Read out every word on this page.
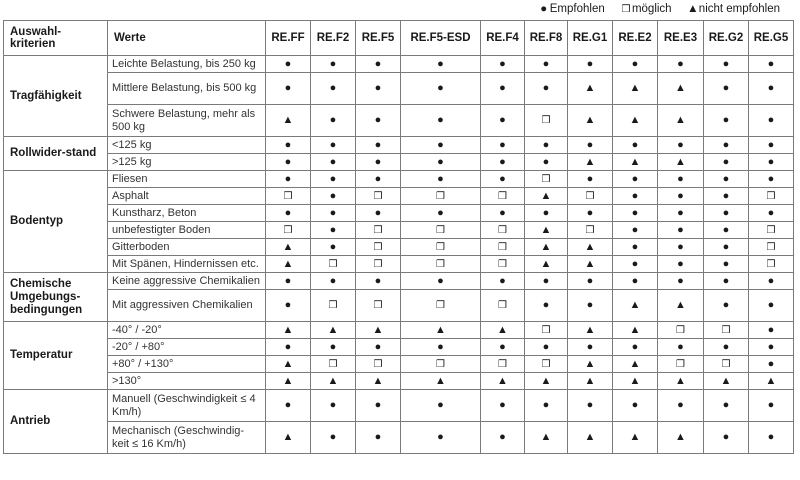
● Empfohlen ❒ möglich ▲nicht empfohlen
Auswahl-kriterien	Werte	RE.FF	RE.F2	RE.F5	RE.F5-ESD	RE.F4	RE.F8	RE.G1	RE.E2	RE.E3	RE.G2	RE.G5
Tragfähigkeit	Leichte Belastung, bis 250 kg	●	●	●	●	●	●	●	●	●	●	●
	Mittlere Belastung, bis 500 kg	●	●	●	●	●	●	▲	▲	▲	●	●
	Schwere Belastung, mehr als 500 kg	▲	●	●	●	●	❒	▲	▲	▲	●	●
Rollwider-stand	<125 kg	●	●	●	●	●	●	●	●	●	●	●
	>125 kg	●	●	●	●	●	●	▲	▲	▲	●	●
Bodentyp	Fliesen	●	●	●	●	●	❒	●	●	●	●	●
	Asphalt	❒	●	❒	❒	❒	▲	❒	●	●	●	❒
	Kunstharz, Beton	●	●	●	●	●	●	●	●	●	●	●
	unbefestigter Boden	❒	●	❒	❒	❒	▲	❒	●	●	●	❒
	Gitterboden	▲	●	❒	❒	❒	▲	▲	●	●	●	❒
	Mit Spänen, Hindernissen etc.	▲	❒	❒	❒	❒	▲	▲	●	●	●	❒
Chemische Umgebungs-bedingungen	Keine aggressive Chemikalien	●	●	●	●	●	●	●	●	●	●	●
	Mit aggressiven Chemikalien	●	❒	❒	❒	❒	●	●	▲	▲	●	●
Temperatur	-40° / -20°	▲	▲	▲	▲	▲	❒	▲	▲	❒	❒	●
	-20° / +80°	●	●	●	●	●	●	●	●	●	●	●
	+80° / +130°	▲	❒	❒	❒	❒	❒	▲	▲	❒	❒	●
	>130°	▲	▲	▲	▲	▲	▲	▲	▲	▲	▲	▲
Antrieb	Manuell (Geschwindigkeit ≤ 4 Km/h)	●	●	●	●	●	●	●	●	●	●	●
	Mechanisch (Geschwindig-keit ≤ 16 Km/h)	▲	●	●	●	●	▲	▲	▲	▲	●	●
